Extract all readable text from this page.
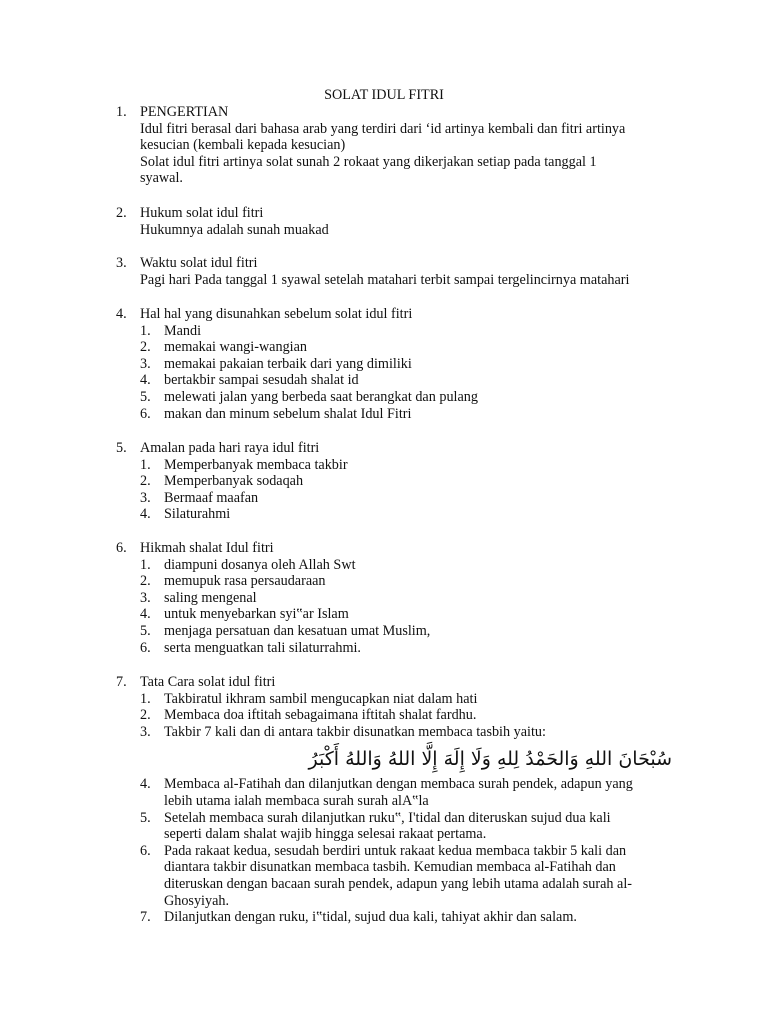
SOLAT IDUL FITRI
1. PENGERTIAN
Idul fitri berasal dari bahasa arab yang terdiri dari ‘id artinya kembali dan fitri artinya
kesucian (kembali kepada kesucian)
Solat idul fitri artinya solat sunah 2 rokaat yang dikerjakan setiap pada tanggal 1
syawal.
2. Hukum solat idul fitri
Hukumnya adalah sunah muakad
3. Waktu solat idul fitri
Pagi hari Pada tanggal 1 syawal setelah matahari terbit sampai tergelincirnya matahari
4. Hal hal yang disunahkan sebelum solat idul fitri
1. Mandi
2. memakai wangi-wangian
3. memakai pakaian terbaik dari yang dimiliki
4. bertakbir sampai sesudah shalat id
5. melewati jalan yang berbeda saat berangkat dan pulang
6. makan dan minum sebelum shalat Idul Fitri
5. Amalan pada hari raya idul fitri
1. Memperbanyak membaca takbir
2. Memperbanyak sodaqah
3. Bermaaf maafan
4. Silaturahmi
6. Hikmah shalat Idul fitri
1. diampuni dosanya oleh Allah Swt
2. memupuk rasa persaudaraan
3. saling mengenal
4. untuk menyebarkan syi‟ar Islam
5. menjaga persatuan dan kesatuan umat Muslim,
6. serta menguatkan tali silaturrahmi.
7. Tata Cara solat idul fitri
1. Takbiratul ikhram sambil mengucapkan niat dalam hati
2. Membaca doa iftitah sebagaimana iftitah shalat fardhu.
3. Takbir 7 kali dan di antara takbir disunatkan membaca tasbih yaitu:
سُبْحَانَ اللهِ وَالحَمْدُ لِلهِ وَلَا إِلَهَ إِلَّا اللهُ وَاللهُ أَكْبَرُ
4. Membaca al-Fatihah dan dilanjutkan dengan membaca surah pendek, adapun yang
lebih utama ialah membaca surah surah alA‟la
5. Setelah membaca surah dilanjutkan ruku‟, I'tidal dan diteruskan sujud dua kali
seperti dalam shalat wajib hingga selesai rakaat pertama.
6. Pada rakaat kedua, sesudah berdiri untuk rakaat kedua membaca takbir 5 kali dan
diantara takbir disunatkan membaca tasbih. Kemudian membaca al-Fatihah dan
diteruskan dengan bacaan surah pendek, adapun yang lebih utama adalah surah al-
Ghosyiyah.
7. Dilanjutkan dengan ruku, i‟tidal, sujud dua kali, tahiyat akhir dan salam.
